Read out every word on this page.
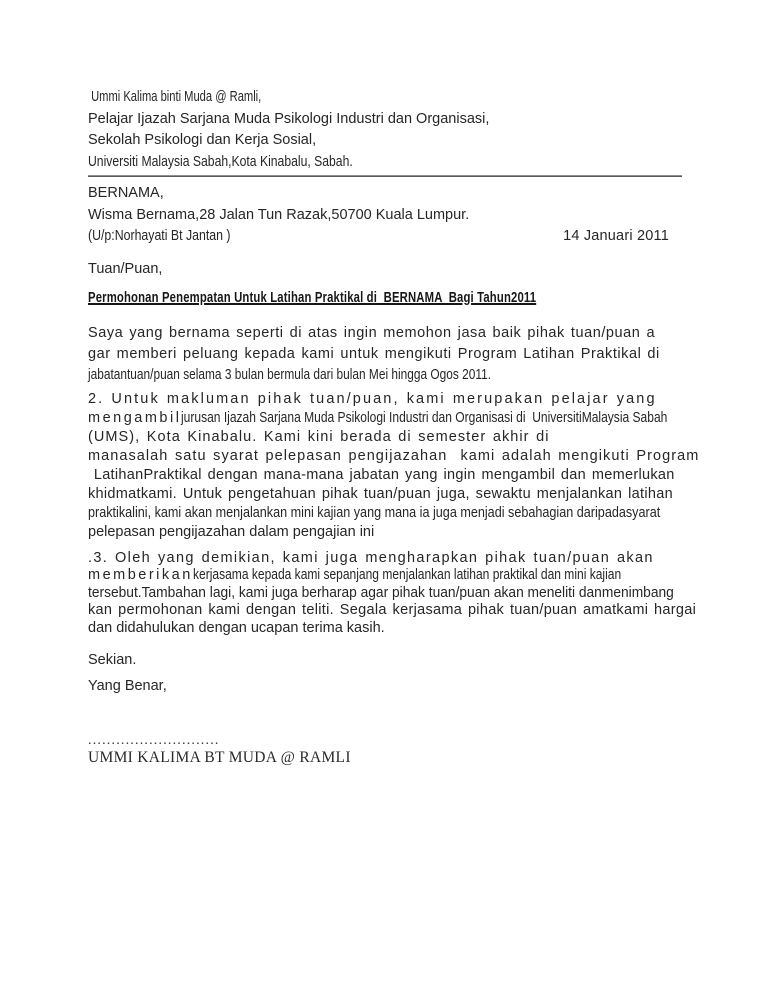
Ummi Kalima binti Muda @ Ramli,
Pelajar Ijazah Sarjana Muda Psikologi Industri dan Organisasi,
Sekolah Psikologi dan Kerja Sosial,
Universiti Malaysia Sabah,Kota Kinabalu, Sabah.
BERNAMA,
Wisma Bernama,28 Jalan Tun Razak,50700 Kuala Lumpur.
(U/p:Norhayati Bt Jantan )	14 Januari 2011
Tuan/Puan,
Permohonan Penempatan Untuk Latihan Praktikal di  BERNAMA  Bagi Tahun2011
Saya yang bernama seperti di atas ingin memohon jasa baik pihak tuan/puan a
gar memberi peluang kepada kami untuk mengikuti Program Latihan Praktikal di
jabatantuan/puan selama 3 bulan bermula dari bulan Mei hingga Ogos 2011.
2. Untuk makluman pihak tuan/puan, kami merupakan pelajar yang
mengambiljurusan Ijazah Sarjana Muda Psikologi Industri dan Organisasi di  UniversitiMalaysia Sabah
(UMS), Kota Kinabalu. Kami kini berada di semester akhir di
manasalah satu syarat pelepasan pengijazahan  kami adalah mengikuti Program
LatihanPraktikal dengan mana-mana jabatan yang ingin mengambil dan memerlukan
khidmatkami. Untuk pengetahuan pihak tuan/puan juga, sewaktu menjalankan latihan
praktikalini, kami akan menjalankan mini kajian yang mana ia juga menjadi sebahagian daripadasyarat
pelepasan pengijazahan dalam pengajian ini
.3. Oleh yang demikian, kami juga mengharapkan pihak tuan/puan akan
memberikankerjasama kepada kami sepanjang menjalankan latihan praktikal dan mini kajian
tersebut.Tambahan lagi, kami juga berharap agar pihak tuan/puan akan meneliti danmenimbang
kan permohonan kami dengan teliti. Segala kerjasama pihak tuan/puan amatkami hargai
dan didahulukan dengan ucapan terima kasih.
Sekian.
Yang Benar,
............................
UMMI KALIMA BT MUDA @ RAMLI
